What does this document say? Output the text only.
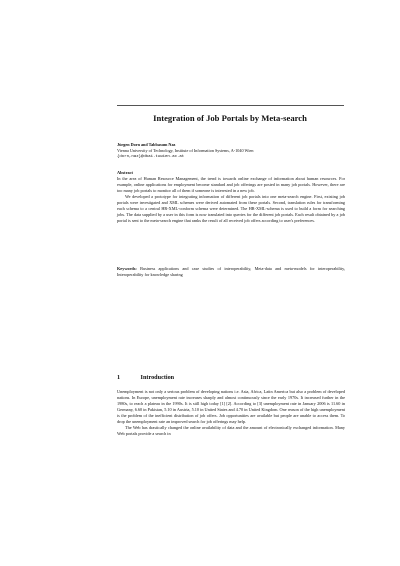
Integration of Job Portals by Meta-search
Jürgen Dorn and Tabbasum Naz
Vienna University of Technology, Institute of Information Systems, A-1040 Wien
{dorn,naz}@dbai.tuwien.ac.at
Abstract

In the area of Human Resource Management, the trend is towards online exchange of information about human resources. For example, online applications for employment become standard and job offerings are posted in many job portals. However, there are too many job portals to monitor all of them if someone is interested in a new job.

We developed a prototype for integrating information of different job portals into one meta-search engine. First, existing job portals were investigated and XML schemes were derived automated from these portals. Second, translation rules for transforming each schema to a central HR-XML-conform schema were determined. The HR-XML-schema is used to build a form for searching jobs. The data supplied by a user in this form is now translated into queries for the different job portals. Each result obtained by a job portal is sent to the meta-search engine that ranks the result of all received job offers according to user's preferences.

Keywords: Business applications and case studies of interoperability, Meta-data and meta-models for interoperability, Interoperability for knowledge sharing
1	Introduction

Unemployment is not only a serious problem of developing nations i.e. Asia, Africa, Latin America but also a problem of developed nations. In Europe, unemployment rate increases sharply and almost continuously since the early 1970s. It increased further in the 1980s, to reach a plateau in the 1990s. It is still high today [1] [2]. According to [3] unemployment rate in January 2006 is 11.60 in Germany, 6.60 in Pakistan, 5.10 in Austria, 5.10 in United States and 4.70 in United Kingdom. One reason of the high unemployment is the problem of the inefficient distribution of job offers. Job opportunities are available but people are unable to access them. To drop the unemployment rate an improved search for job offerings may help.

The Web has drastically changed the online availability of data and the amount of electronically exchanged information. Many Web portals provide a search in
